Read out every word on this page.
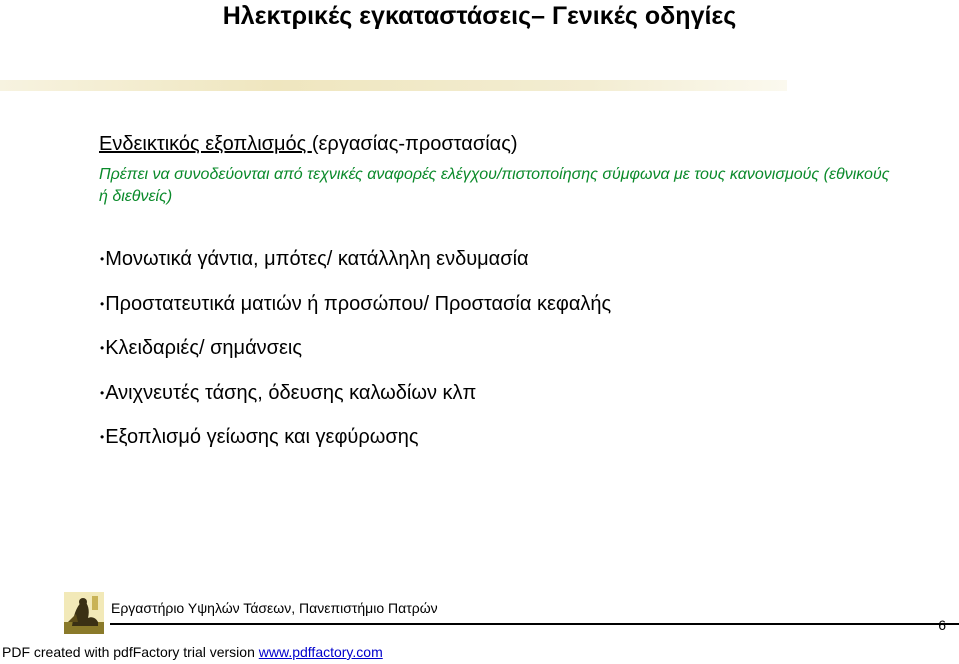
Ηλεκτρικές εγκαταστάσεις– Γενικές οδηγίες

Ενδεικτικός εξοπλισμός (εργασίας-προστασίας)

Πρέπει να συνοδεύονται από τεχνικές αναφορές ελέγχου/πιστοποίησης σύμφωνα με τους κανονισμούς (εθνικούς ή διεθνείς)

• Μονωτικά γάντια, μπότες/ κατάλληλη ενδυμασία
• Προστατευτικά ματιών ή προσώπου/ Προστασία κεφαλής
• Κλειδαριές/ σημάνσεις
• Ανιχνευτές τάσης, όδευσης καλωδίων κλπ
• Εξοπλισμό γείωσης και γεφύρωσης
Εργαστήριο Υψηλών Τάσεων, Πανεπιστήμιο Πατρών
6
PDF created with pdfFactory trial version www.pdffactory.com
